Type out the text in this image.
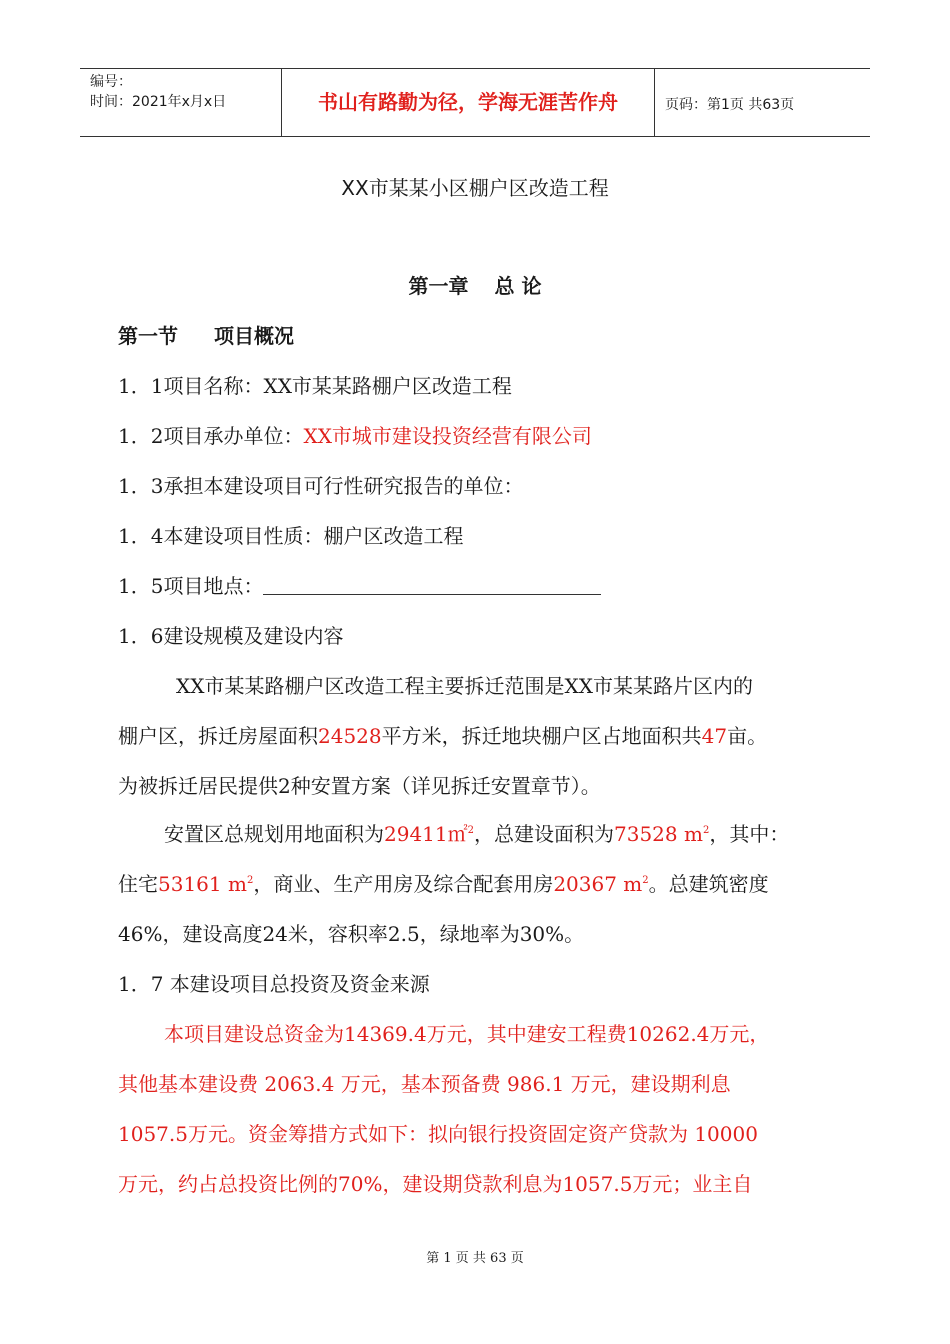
编号：
时间：2021年x月x日	书山有路勤为径，学海无涯苦作舟	页码：第1页 共63页
XX市某某小区棚户区改造工程
第一章 总 论
第一节 项目概况
1．1项目名称：XX市某某路棚户区改造工程
1．2项目承办单位：XX市城市建设投资经营有限公司
1．3承担本建设项目可行性研究报告的单位：
1．4本建设项目性质：棚户区改造工程
1．5项目地点：
1．6建设规模及建设内容
XX市某某路棚户区改造工程主要拆迁范围是XX市某某路片区内的
棚户区，拆迁房屋面积24528平方米，拆迁地块棚户区占地面积共47亩。
为被拆迁居民提供2种安置方案（详见拆迁安置章节）。
安置区总规划用地面积为29411㎡$^2$，总建设面积为73528 $m^2$，其中：
住宅53161 $m^2$，商业、生产用房及综合配套用房20367 $m^2$。总建筑密度
46%，建设高度24米，容积率2.5，绿地率为30%。
1．7 本建设项目总投资及资金来源
本项目建设总资金为14369.4万元，其中建安工程费10262.4万元，
其他基本建设费 2063.4 万元，基本预备费 986.1 万元，建设期利息
1057.5万元。资金筹措方式如下：拟向银行投资固定资产贷款为 10000
万元，约占总投资比例的70%，建设期贷款利息为1057.5万元；业主自
第 1 页 共 63 页
